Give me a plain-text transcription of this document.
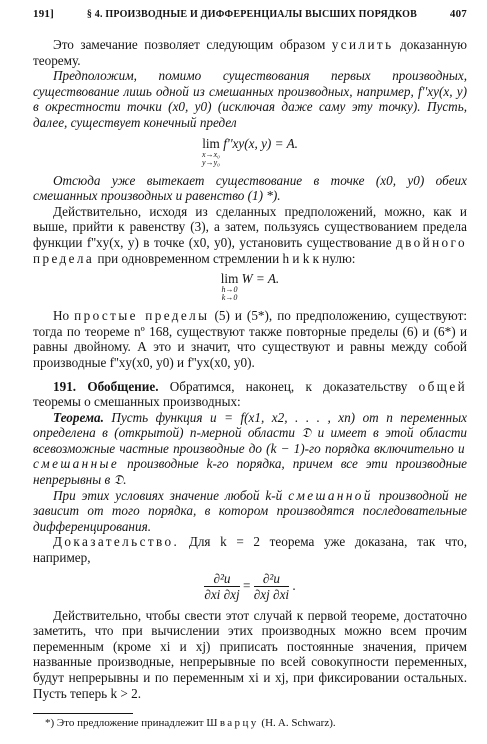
191]	§ 4. ПРОИЗВОДНЫЕ И ДИФФЕРЕНЦИАЛЫ ВЫСШИХ ПОРЯДКОВ	407

Это замечание позволяет следующим образом усилить доказанную теорему.

Предположим, помимо существования первых производных, существование лишь одной из смешанных производных, например, f''xy(x, y) в окрестности точки (x0, y0) (исключая даже саму эту точку). Пусть, далее, существует конечный предел

lim
x→x₀
y→y₀
f''xy(x, y) = A.

Отсюда уже вытекает существование в точке (x0, y0) обеих смешанных производных и равенство (1) *).

Действительно, исходя из сделанных предположений, можно, как и выше, прийти к равенству (3), а затем, пользуясь существованием предела функции f''xy(x, y) в точке (x0, y0), установить существование двойного предела при одновременном стремлении h и k к нулю:

lim
h→0
k→0
W = A.

Но простые пределы (5) и (5*), по предположению, существуют: тогда по теореме nº 168, существуют также повторные пределы (6) и (6*) и равны двойному. А это и значит, что существуют и равны между собой производные f''xy(x0, y0) и f''yx(x0, y0).

191. Обобщение. Обратимся, наконец, к доказательству общей теоремы о смешанных производных:

Теорема. Пусть функция u = f(x1, x2, . . . , xn) от n переменных определена в (открытой) n-мерной области 𝔇 и имеет в этой области всевозможные частные производные до (k − 1)-го порядка включительно и смешанные производные k-го порядка, причем все эти производные непрерывны в 𝔇.

При этих условиях значение любой k-й смешанной производной не зависит от того порядка, в котором производятся последовательные дифференцирования.

Доказательство. Для k = 2 теорема уже доказана, так что, например,

$\frac{\text{∂²u}}{\partial xi \partial xj} = \frac{\text{∂²u}}{\partial xj \partial xi}$ .

Действительно, чтобы свести этот случай к первой теореме, достаточно заметить, что при вычислении этих производных можно всем прочим переменным (кроме xi и xj) приписать постоянные значения, причем названные производные, непрерывные по всей совокупности переменных, будут непрерывны и по переменным xi и xj, при фиксировании остальных. Пусть теперь k > 2.

*) Это предложение принадлежит Шварцу (H. A. Schwarz).
